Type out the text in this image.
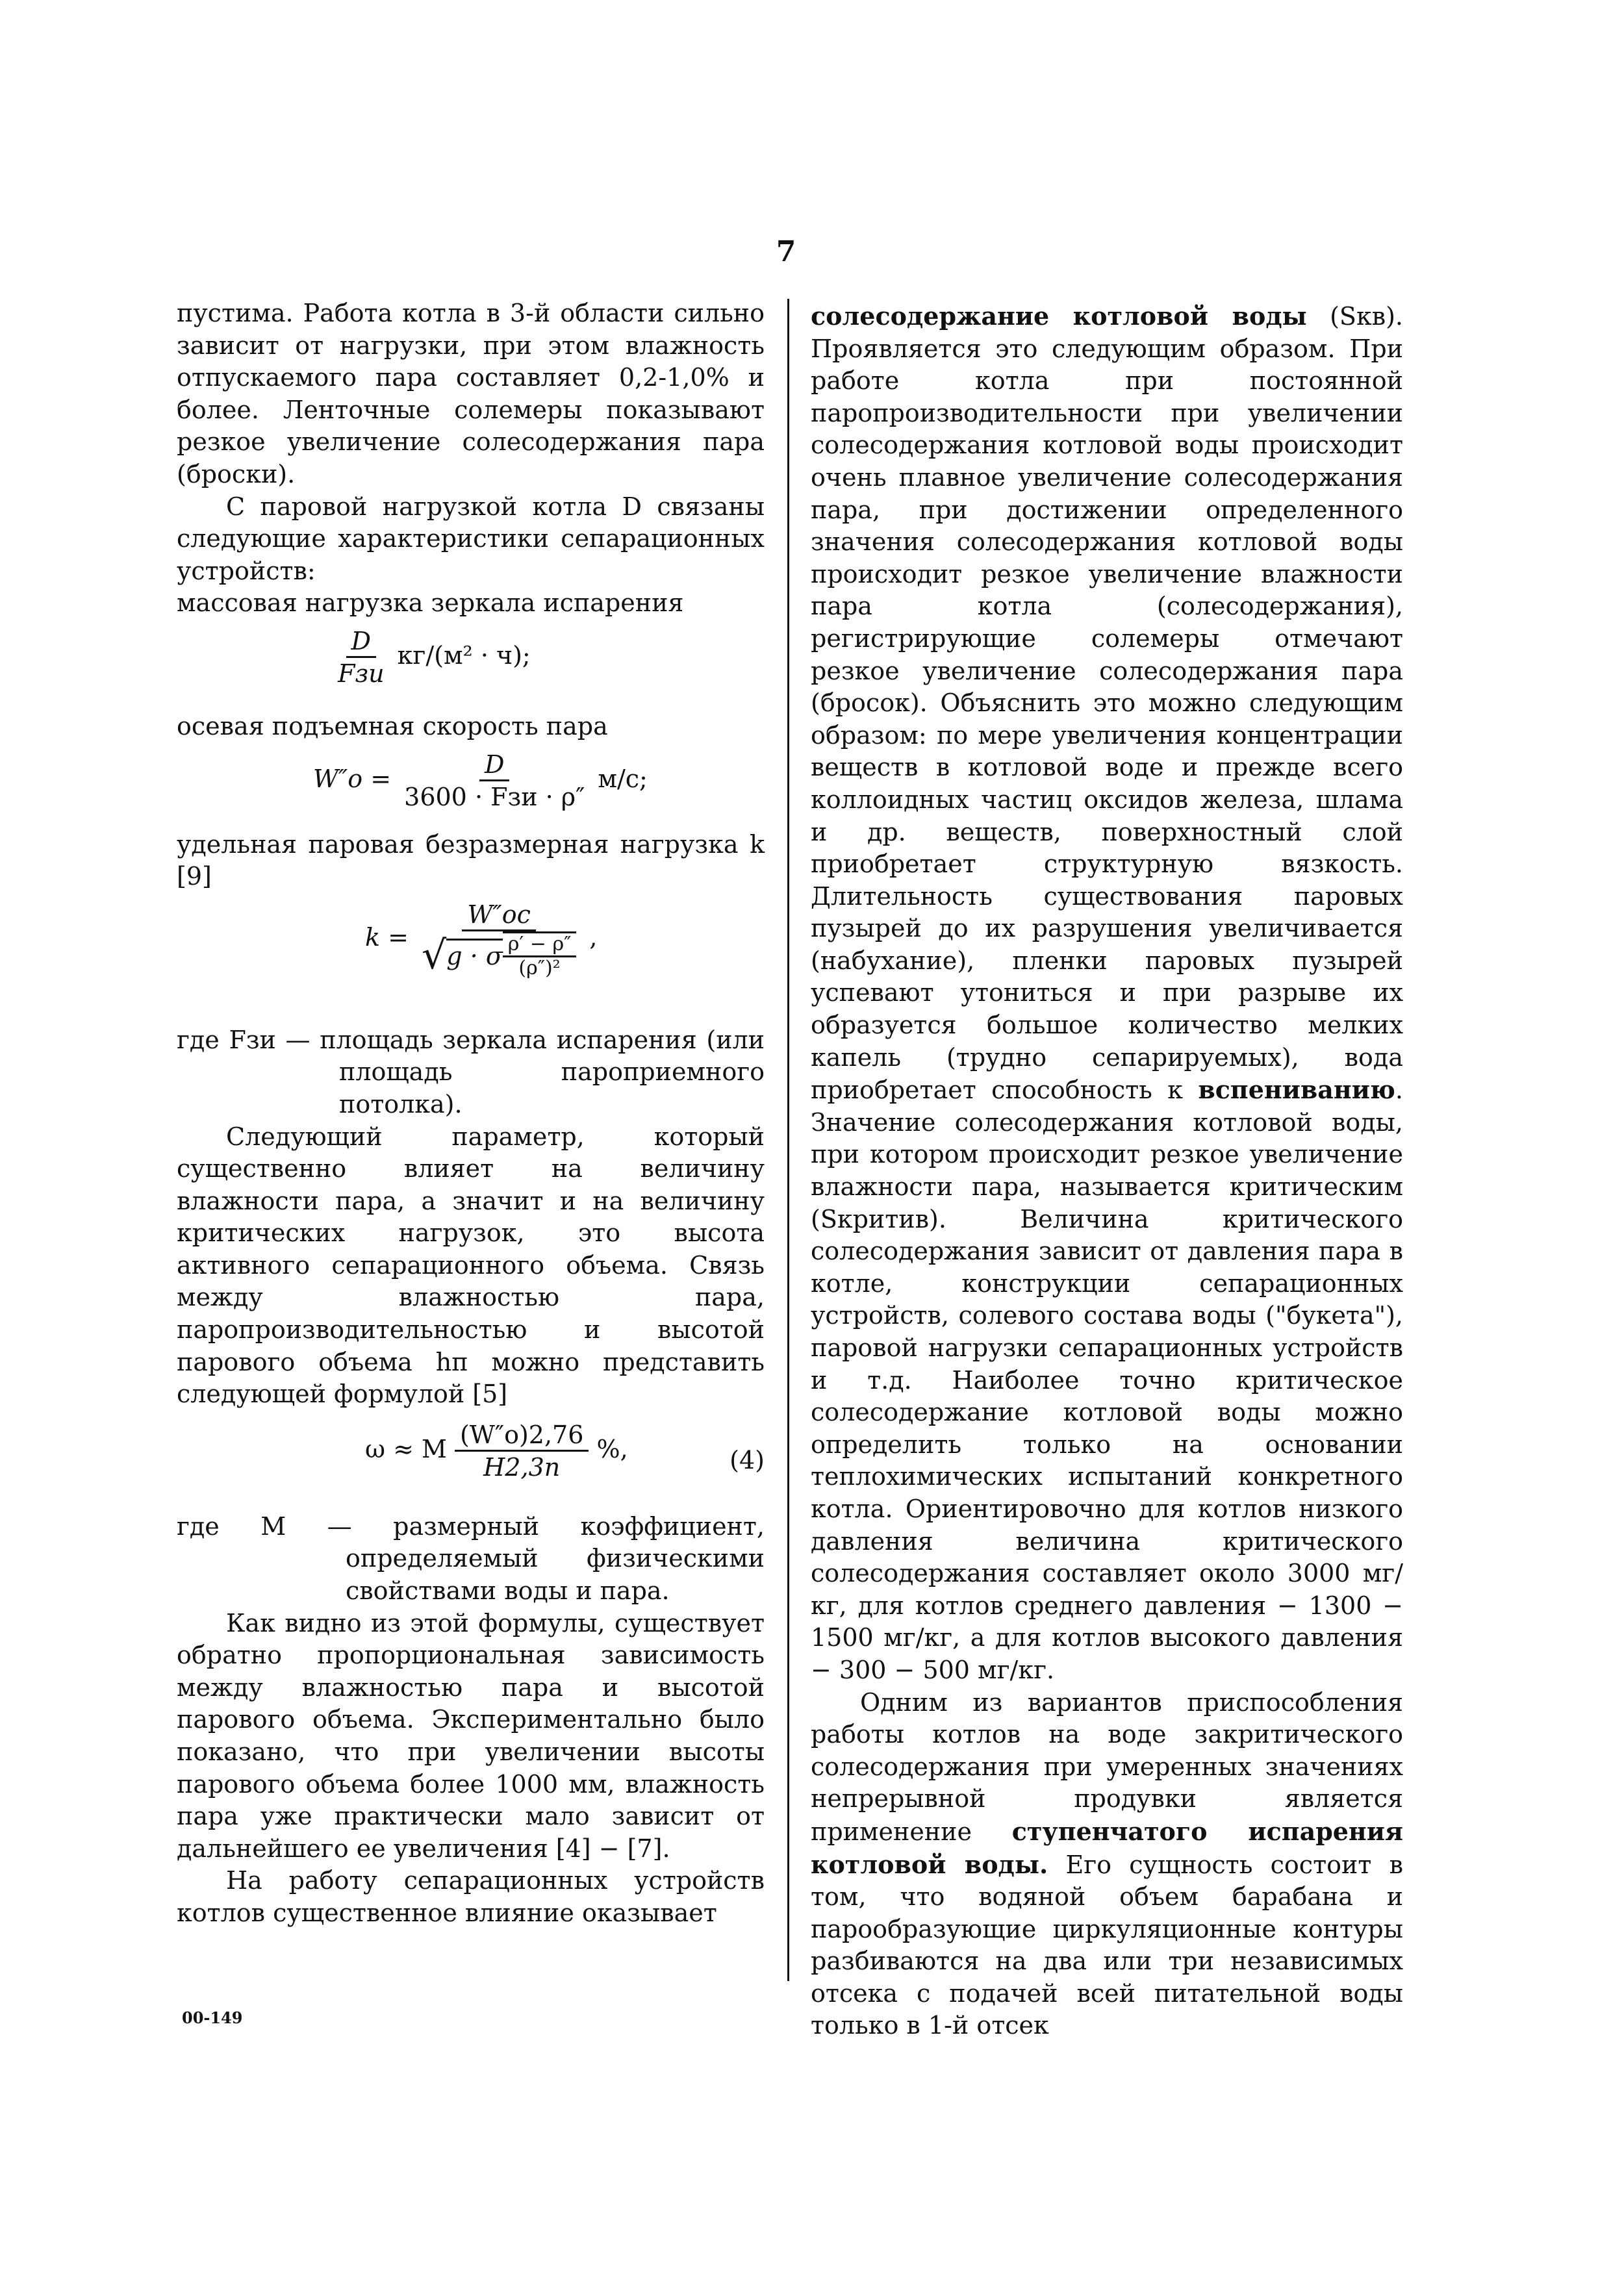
7

пустима. Работа котла в 3-й области сильно зависит от нагрузки, при этом влажность отпускаемого пара составляет 0,2-1,0% и более. Ленточные солемеры показывают резкое увеличение солесодержания пара (броски).

С паровой нагрузкой котла D связаны следующие характеристики сепарационных устройств:

массовая нагрузка зеркала испарения

$\frac{D}{\text{Fзи}} кг/(м^2 \cdot ч)$;

осевая подъемная скорость пара

$W''o = \frac{D}{\text{3600 · Fзи · ρ″}} м/с$;

удельная паровая безразмерная нагрузка k [9]

k =
W″oc
√ g · σ $\frac{\rho' - \rho''}{\text{(ρ″)²}}$ ,

где Fзи — площадь зеркала испарения (или площадь пароприемного потолка).

Следующий параметр, который существенно влияет на величину влажности пара, а значит и на величину критических нагрузок, это высота активного сепарационного объема. Связь между влажностью пара, паропроизводительностью и высотой парового объема hп можно представить следующей формулой [5]

ω ≈ M $\frac{(W''o)2,76}{H2,3п}$ %,	(4)

где M — размерный коэффициент, определяемый физическими свойствами воды и пара.

Как видно из этой формулы, существует обратно пропорциональная зависимость между влажностью пара и высотой парового объема. Экспериментально было показано, что при увеличении высоты парового объема более 1000 мм, влажность пара уже практически мало зависит от дальнейшего ее увеличения [4] − [7].

На работу сепарационных устройств котлов существенное влияние оказывает

солесодержание котловой воды (Sкв). Проявляется это следующим образом. При работе котла при постоянной паропроизводительности при увеличении солесодержания котловой воды происходит очень плавное увеличение солесодержания пара, при достижении определенного значения солесодержания котловой воды происходит резкое увеличение влажности пара котла (солесодержания), регистрирующие солемеры отмечают резкое увеличение солесодержания пара (бросок). Объяснить это можно следующим образом: по мере увеличения концентрации веществ в котловой воде и прежде всего коллоидных частиц оксидов железа, шлама и др. веществ, поверхностный слой приобретает структурную вязкость. Длительность существования паровых пузырей до их разрушения увеличивается (набухание), пленки паровых пузырей успевают утониться и при разрыве их образуется большое количество мелких капель (трудно сепарируемых), вода приобретает способность к вспениванию. Значение солесодержания котловой воды, при котором происходит резкое увеличение влажности пара, называется критическим (Sкритив). Величина критического солесодержания зависит от давления пара в котле, конструкции сепарационных устройств, солевого состава воды ("букета"), паровой нагрузки сепарационных устройств и т.д. Наиболее точно критическое солесодержание котловой воды можно определить только на основании теплохимических испытаний конкретного котла. Ориентировочно для котлов низкого давления величина критического солесодержания составляет около 3000 мг/кг, для котлов среднего давления − 1300 − 1500 мг/кг, а для котлов высокого давления − 300 − 500 мг/кг.

Одним из вариантов приспособления работы котлов на воде закритического солесодержания при умеренных значениях непрерывной продувки является применение ступенчатого испарения котловой воды. Его сущность состоит в том, что водяной объем барабана и парообразующие циркуляционные контуры разбиваются на два или три независимых отсека с подачей всей питательной воды только в 1-й отсек

00-149
